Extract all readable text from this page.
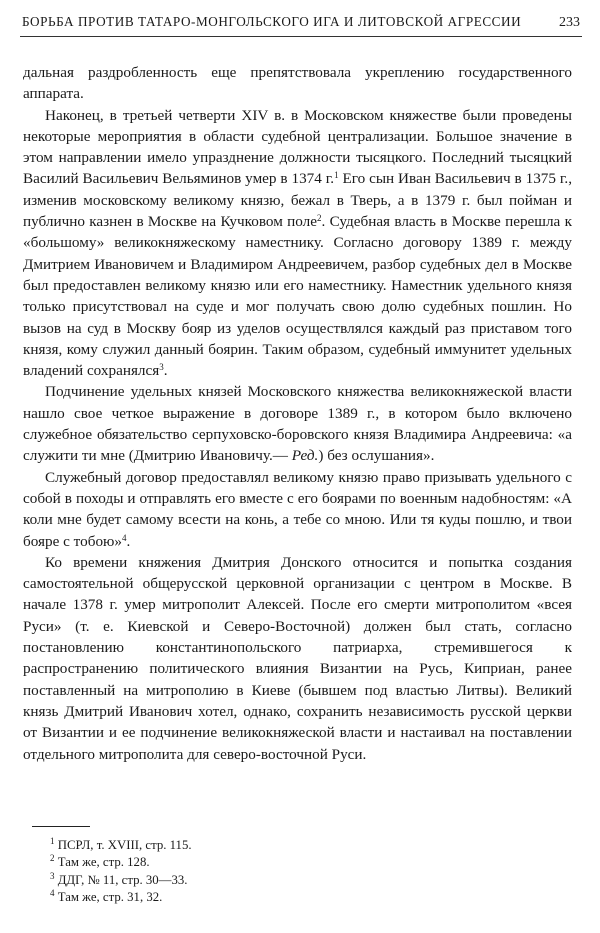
БОРЬБА ПРОТИВ ТАТАРО-МОНГОЛЬСКОГО ИГА И ЛИТОВСКОЙ АГРЕССИИ	233

дальная раздробленность еще препятствовала укреплению государственного аппарата.

Наконец, в третьей четверти XIV в. в Московском княжестве были проведены некоторые мероприятия в области судебной централизации. Большое значение в этом направлении имело упразднение должности тысяцкого. Последний тысяцкий Василий Васильевич Вельяминов умер в 1374 г.$^1$ Его сын Иван Васильевич в 1375 г., изменив московскому великому князю, бежал в Тверь, а в 1379 г. был пойман и публично казнен в Москве на Кучковом поле$^2$. Судебная власть в Москве перешла к «большому» великокняжескому наместнику. Согласно договору 1389 г. между Дмитрием Ивановичем и Владимиром Андреевичем, разбор судебных дел в Москве был предоставлен великому князю или его наместнику. Наместник удельного князя только присутствовал на суде и мог получать свою долю судебных пошлин. Но вызов на суд в Москву бояр из уделов осуществлялся каждый раз приставом того князя, кому служил данный боярин. Таким образом, судебный иммунитет удельных владений сохранялся$^3$.

Подчинение удельных князей Московского княжества великокняжеской власти нашло свое четкое выражение в договоре 1389 г., в котором было включено служебное обязательство серпуховско-боровского князя Владимира Андреевича: «а служити ти мне (Дмитрию Ивановичу.— Ред.) без ослушания».

Служебный договор предоставлял великому князю право призывать удельного с собой в походы и отправлять его вместе с его боярами по военным надобностям: «А коли мне будет самому всести на конь, а тебе со мною. Или тя куды пошлю, и твои бояре с тобою»$^4$.

Ко времени княжения Дмитрия Донского относится и попытка создания самостоятельной общерусской церковной организации с центром в Москве. В начале 1378 г. умер митрополит Алексей. После его смерти митрополитом «всея Руси» (т. е. Киевской и Северо-Восточной) должен был стать, согласно постановлению константинопольского патриарха, стремившегося к распространению политического влияния Византии на Русь, Киприан, ранее поставленный на митрополию в Киеве (бывшем под властью Литвы). Великий князь Дмитрий Иванович хотел, однако, сохранить независимость русской церкви от Византии и ее подчинение великокняжеской власти и настаивал на поставлении отдельного митрополита для северо-восточной Руси.

$^1$ ПСРЛ, т. XVIII, стр. 115.
$^2$ Там же, стр. 128.
$^3$ ДДГ, № 11, стр. 30—33.
$^4$ Там же, стр. 31, 32.
